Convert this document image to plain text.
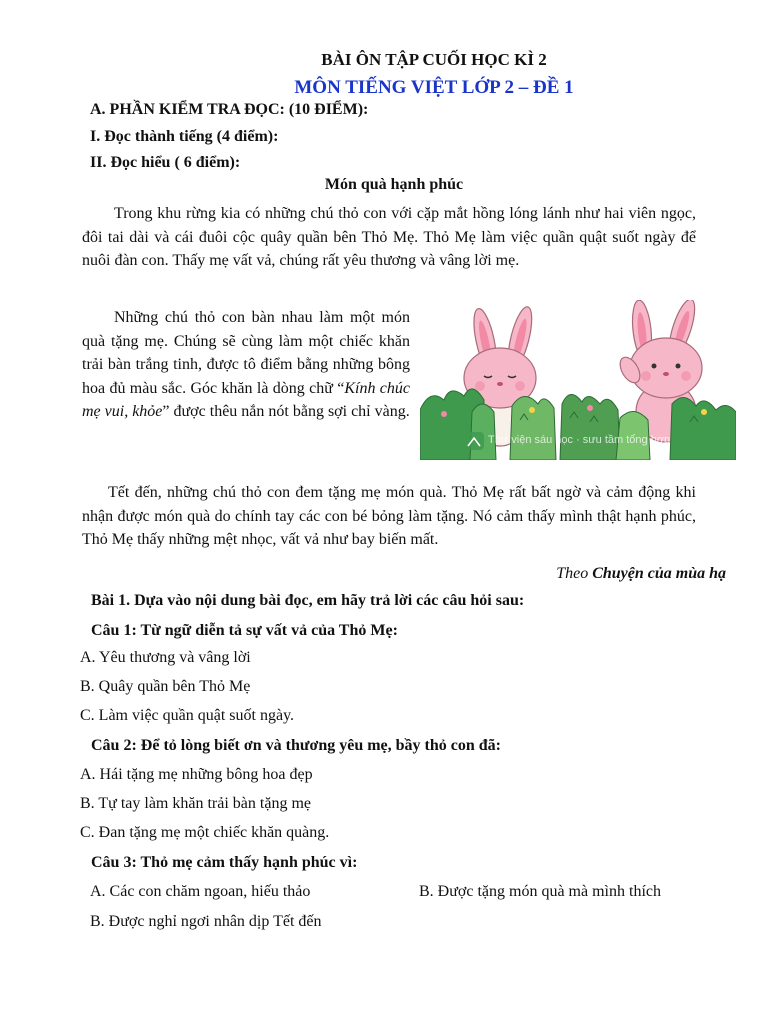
BÀI ÔN TẬP CUỐI HỌC KÌ 2
MÔN TIẾNG VIỆT LỚP 2 – ĐỀ 1
A. PHẦN KIỂM TRA ĐỌC: (10 ĐIỂM):
I. Đọc thành tiếng (4 điểm):
II. Đọc hiểu ( 6 điểm):
Món quà hạnh phúc
Trong khu rừng kia có những chú thỏ con với cặp mắt hồng lóng lánh như hai viên ngọc, đôi tai dài và cái đuôi cộc quây quần bên Thỏ Mẹ. Thỏ Mẹ làm việc quần quật suốt ngày để nuôi đàn con. Thấy mẹ vất vả, chúng rất yêu thương và vâng lời mẹ.
Những chú thỏ con bàn nhau làm một món quà tặng mẹ. Chúng sẽ cùng làm một chiếc khăn trải bàn trắng tinh, được tô điểm bằng những bông hoa đủ màu sắc. Góc khăn là dòng chữ “Kính chúc mẹ vui, khỏe” được thêu nắn nót bằng sợi chỉ vàng.
Thư viện sáu học · sưu tầm tổng hợp
Tết đến, những chú thỏ con đem tặng mẹ món quà. Thỏ Mẹ rất bất ngờ và cảm động khi nhận được món quà do chính tay các con bé bỏng làm tặng. Nó cảm thấy mình thật hạnh phúc, Thỏ Mẹ thấy những mệt nhọc, vất vả như bay biến mất.
Theo Chuyện của mùa hạ
Bài 1. Dựa vào nội dung bài đọc, em hãy trả lời các câu hỏi sau:
Câu 1: Từ ngữ diễn tả sự vất vả của Thỏ Mẹ:
A. Yêu thương và vâng lời
B. Quây quần bên Thỏ Mẹ
C. Làm việc quần quật suốt ngày.
Câu 2: Để tỏ lòng biết ơn và thương yêu mẹ, bầy thỏ con đã:
A. Hái tặng mẹ những bông hoa đẹp
B. Tự tay làm khăn trải bàn tặng mẹ
C. Đan tặng mẹ một chiếc khăn quàng.
Câu 3: Thỏ mẹ cảm thấy hạnh phúc vì:
A. Các con chăm ngoan, hiếu thảo	B. Được tặng món quà mà mình thích
B. Được nghỉ ngơi nhân dịp Tết đến
